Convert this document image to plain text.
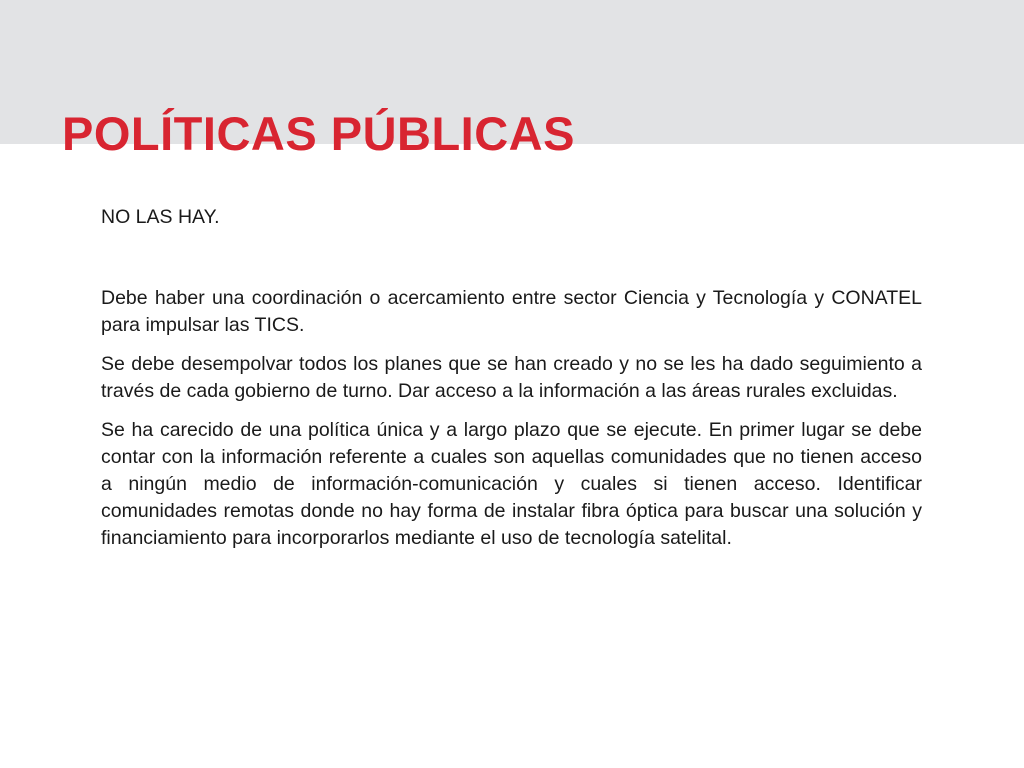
POLÍTICAS PÚBLICAS

NO LAS HAY.

Debe haber una coordinación o acercamiento entre sector Ciencia y Tecnología y CONATEL para impulsar las TICS.

Se debe desempolvar todos los planes que se han creado y no se les ha dado seguimiento a través de cada gobierno de turno. Dar acceso a la información a las áreas rurales excluidas.

Se ha carecido de una política única y a largo plazo que se ejecute. En primer lugar se debe contar con la información referente a cuales son aquellas comunidades que no tienen acceso a ningún medio de información-comunicación y cuales si tienen acceso. Identificar comunidades remotas donde no hay forma de instalar fibra óptica para buscar una solución y financiamiento para incorporarlos mediante el uso de tecnología satelital.
